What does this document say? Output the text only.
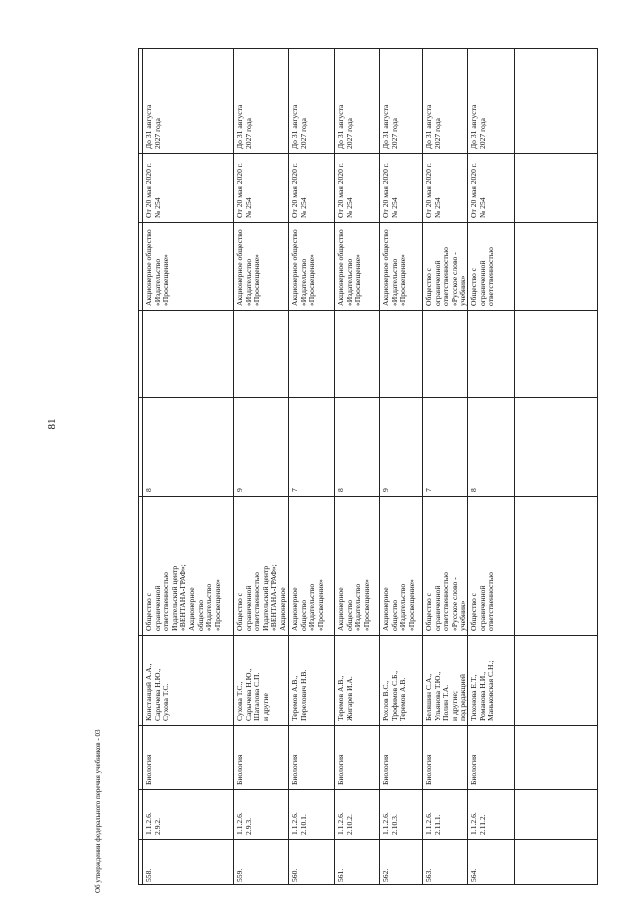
81
Об утверждении федерального перечня учебников - 03	558.
1.1.2.6.
2.9.2.
Биология
Констанций А.А.,
Сарычева Н.Ю.,
Сухова Т.С.
Общество с
ограниченной
ответственностью
Издательский центр
«ВЕНТАНА-ГРАФ»;
Акционерное
общество
«Издательство
«Просвещение»
8
Акционерное общество
«Издательство
«Просвещение»
От 20 мая 2020 г.
№ 254
До 31 августа
2027 года
559.
1.1.2.6.
2.9.3.
Биология
Сухова Т.С.,
Сарычева Н.Ю.,
Шаталова С.П.
и другие
Общество с
ограниченной
ответственностью
Издательский центр
«ВЕНТАНА-ГРАФ»;
Акционерное

9
Акционерное общество
«Издательство
«Просвещение»
От 20 мая 2020 г.
№ 254
До 31 августа
2027 года
560.
1.1.2.6.
2.10.1.
Биология
Теремов А.В.,
Перелович Н.В.
Акционерное
общество
«Издательство
«Просвещение»
7
Акционерное общество
«Издательство
«Просвещение»
От 20 мая 2020 г.
№ 254
До 31 августа
2027 года
561.
1.1.2.6.
2.10.2.
Биология
Теремов А.В.,
Жигарев И.А.
Акционерное
общество
«Издательство
«Просвещение»
8
Акционерное общество
«Издательство
«Просвещение»
От 20 мая 2020 г.
№ 254
До 31 августа
2027 года
562.
1.1.2.6.
2.10.3.
Биология
Рохлов В.С.,
Трофимов С.Б.,
Теремов А.В.
Акционерное
общество
«Издательство
«Просвещение»
9
Акционерное общество
«Издательство
«Просвещение»
От 20 мая 2020 г.
№ 254
До 31 августа
2027 года
563.
1.1.2.6.
2.11.1.
Биология
Беляшин С.А.,
Ульянова Т.Ю.,
Полин Т.А.
и другие;
под редакцией

Общество с
ограниченной
ответственностью
«Русское слово -
учебник»
7
Общество с
ограниченной
ответственностью
«Русское слово -
учебник»
От 20 мая 2020 г.
№ 254
До 31 августа
2027 года
564.
1.1.2.6.
2.11.2.
Биология
Тихонова Е.Т.,
Романова Н.И.,
Маньковская С.Н.;
Общество с
ограниченной
ответственностью
8
Общество с
ограниченной
ответственностью
От 20 мая 2020 г.
№ 254
До 31 августа
2027 года
